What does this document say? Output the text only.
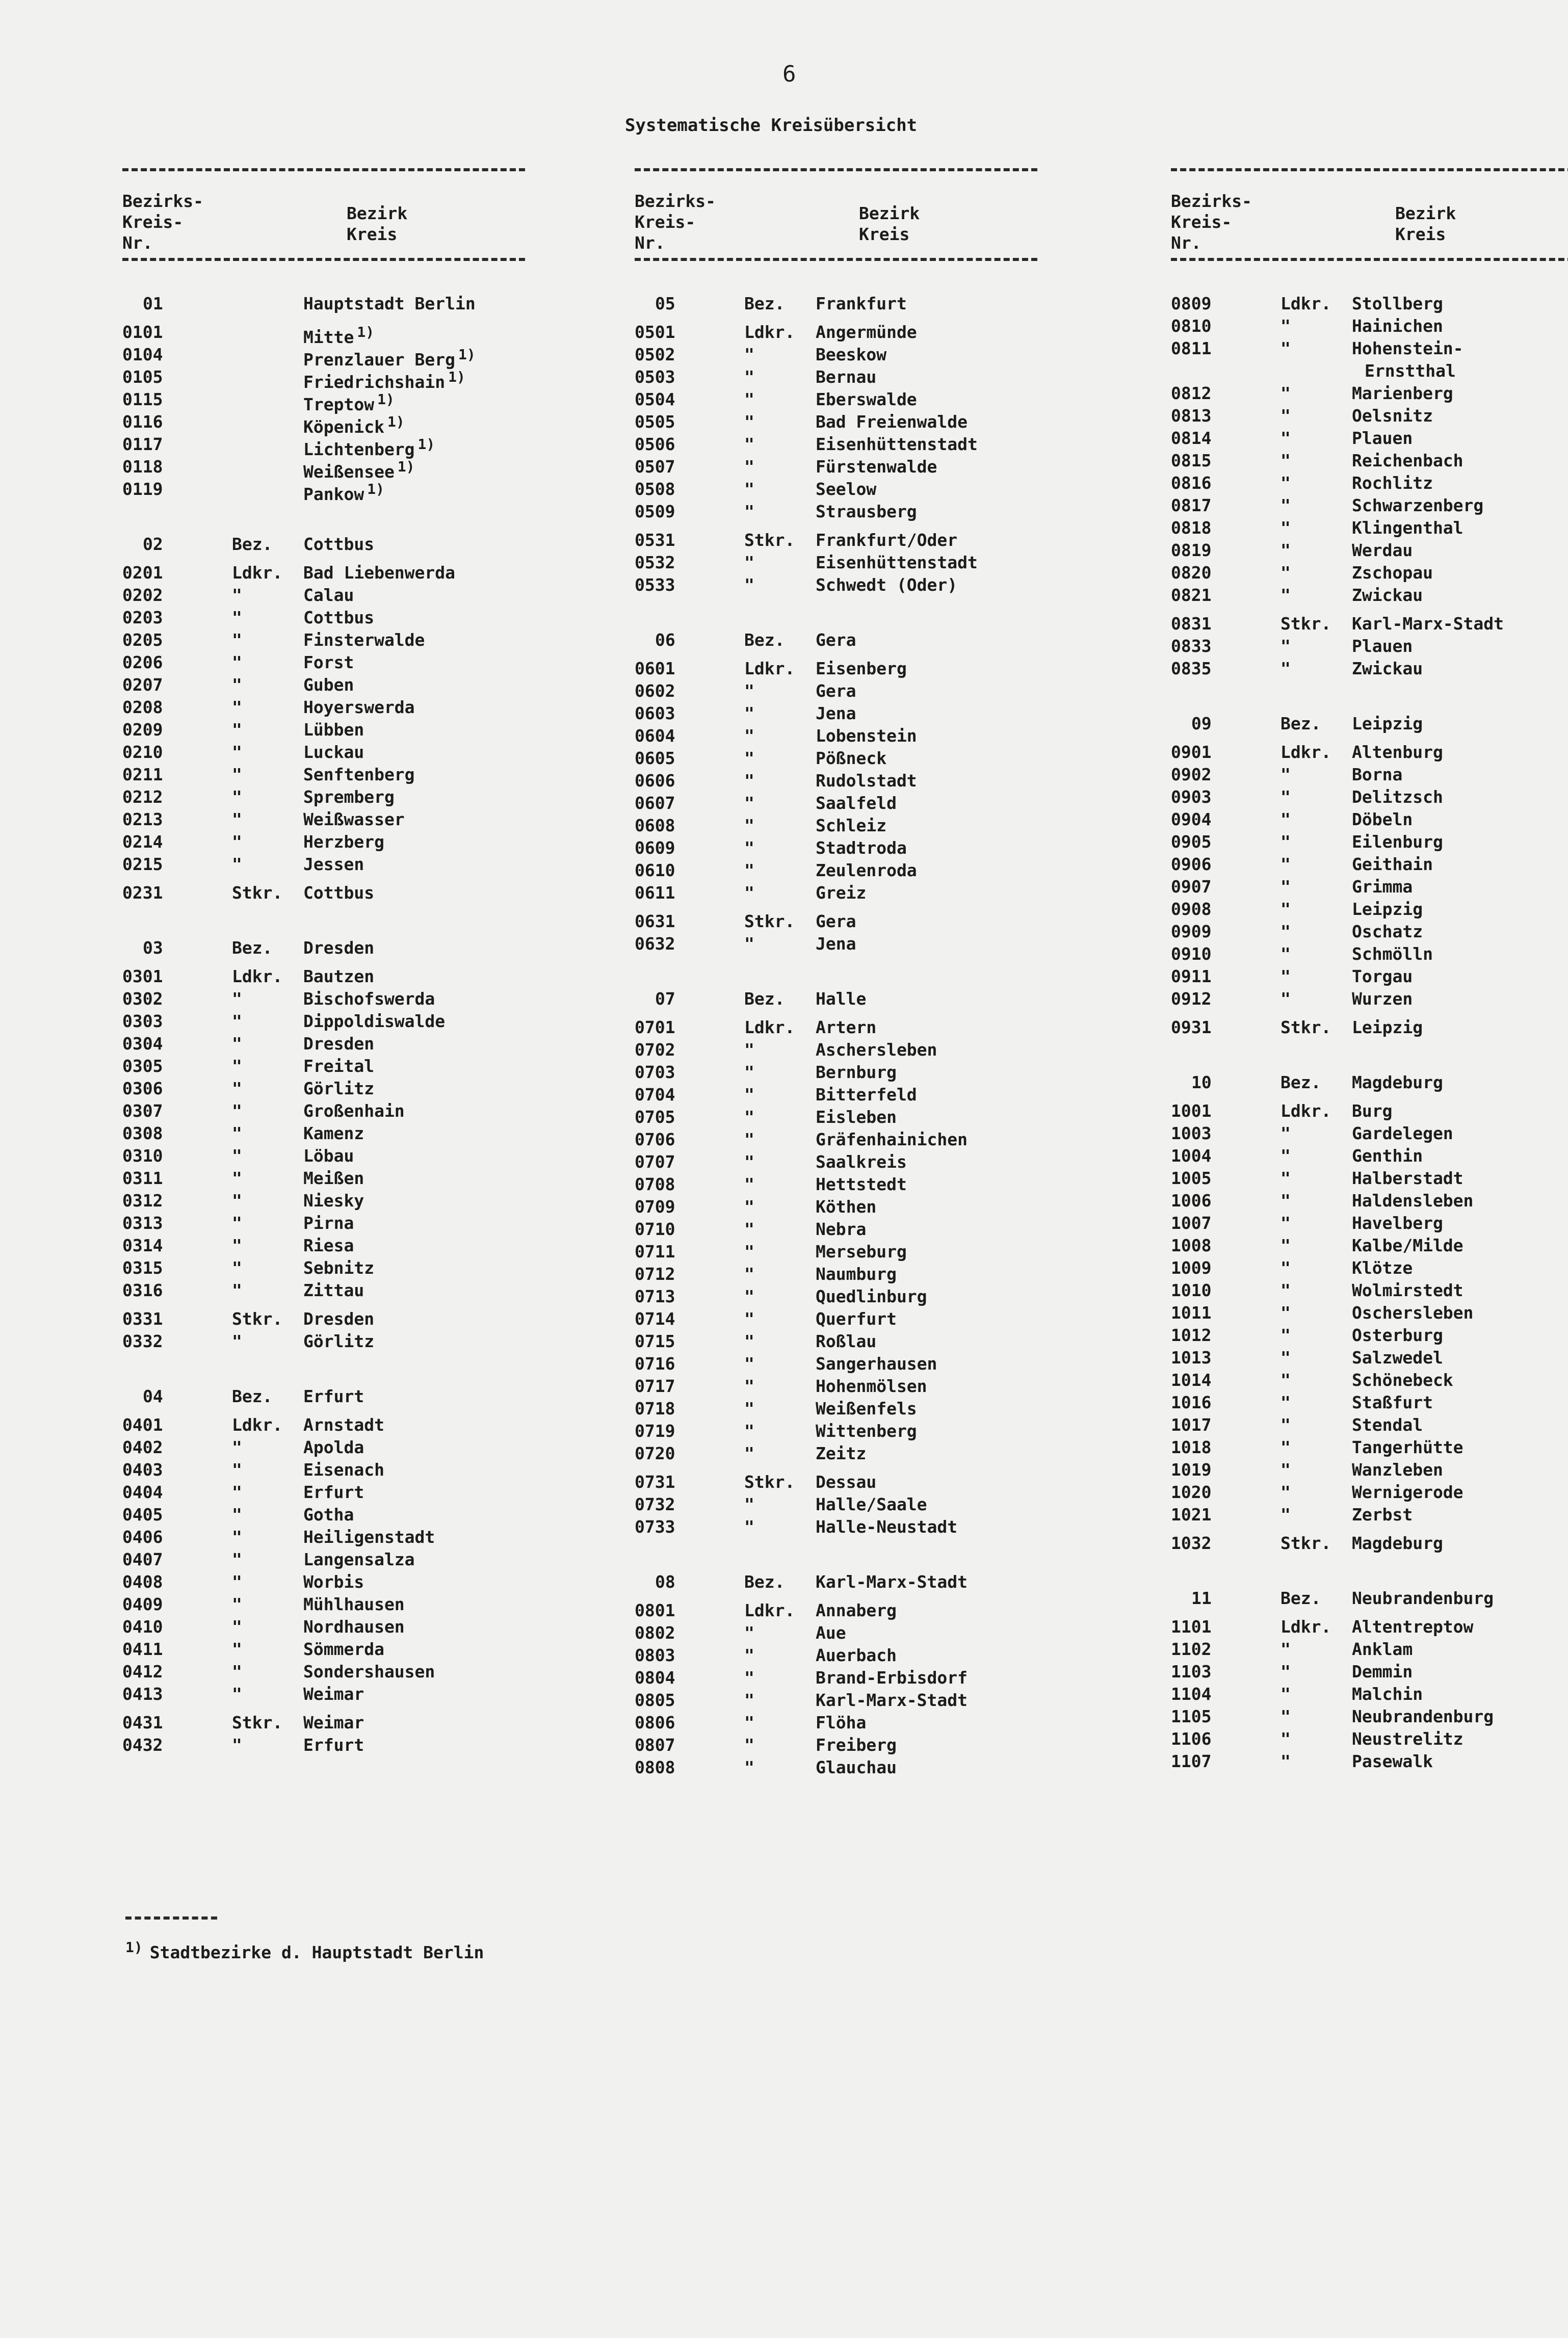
6
Systematische Kreisübersicht
Bezirks-
Kreis-
Nr.
Bezirk
Kreis
01	Hauptstadt Berlin
0101	Mitte $^{1)}$
0104	Prenzlauer Berg $^{1)}$
0105	Friedrichshain $^{1)}$
0115	Treptow $^{1)}$
0116	Köpenick $^{1)}$
0117	Lichtenberg $^{1)}$
0118	Weißensee $^{1)}$
0119	Pankow $^{1)}$
02	Bez. Cottbus
0201	Ldkr. Bad Liebenwerda
0202	"	Calau
0203	"	Cottbus
0205	"	Finsterwalde
0206	"	Forst
0207	"	Guben
0208	"	Hoyerswerda
0209	"	Lübben
0210	"	Luckau
0211	"	Senftenberg
0212	"	Spremberg
0213	"	Weißwasser
0214	"	Herzberg
0215	"	Jessen
0231	Stkr. Cottbus
03	Bez. Dresden
0301	Ldkr. Bautzen
0302	"	Bischofswerda
0303	"	Dippoldiswalde
0304	"	Dresden
0305	"	Freital
0306	"	Görlitz
0307	"	Großenhain
0308	"	Kamenz
0310	"	Löbau
0311	"	Meißen
0312	"	Niesky
0313	"	Pirna
0314	"	Riesa
0315	"	Sebnitz
0316	"	Zittau
0331	Stkr. Dresden
0332	"	Görlitz
04	Bez. Erfurt
0401	Ldkr. Arnstadt
0402	"	Apolda
0403	"	Eisenach
0404	"	Erfurt
0405	"	Gotha
0406	"	Heiligenstadt
0407	"	Langensalza
0408	"	Worbis
0409	"	Mühlhausen
0410	"	Nordhausen
0411	"	Sömmerda
0412	"	Sondershausen
0413	"	Weimar
0431	Stkr. Weimar
0432	"	Erfurt
Bezirks-
Kreis-
Nr.
Bezirk
Kreis
05	Bez. Frankfurt
0501	Ldkr. Angermünde
0502	"	Beeskow
0503	"	Bernau
0504	"	Eberswalde
0505	"	Bad Freienwalde
0506	"	Eisenhüttenstadt
0507	"	Fürstenwalde
0508	"	Seelow
0509	"	Strausberg
0531	Stkr. Frankfurt/Oder
0532	"	Eisenhüttenstadt
0533	"	Schwedt (Oder)
06	Bez. Gera
0601	Ldkr. Eisenberg
0602	"	Gera
0603	"	Jena
0604	"	Lobenstein
0605	"	Pößneck
0606	"	Rudolstadt
0607	"	Saalfeld
0608	"	Schleiz
0609	"	Stadtroda
0610	"	Zeulenroda
0611	"	Greiz
0631	Stkr. Gera
0632	"	Jena
07	Bez. Halle
0701	Ldkr. Artern
0702	"	Aschersleben
0703	"	Bernburg
0704	"	Bitterfeld
0705	"	Eisleben
0706	"	Gräfenhainichen
0707	"	Saalkreis
0708	"	Hettstedt
0709	"	Köthen
0710	"	Nebra
0711	"	Merseburg
0712	"	Naumburg
0713	"	Quedlinburg
0714	"	Querfurt
0715	"	Roßlau
0716	"	Sangerhausen
0717	"	Hohenmölsen
0718	"	Weißenfels
0719	"	Wittenberg
0720	"	Zeitz
0731	Stkr. Dessau
0732	"	Halle/Saale
0733	"	Halle-Neustadt
08	Bez. Karl-Marx-Stadt
0801	Ldkr. Annaberg
0802	"	Aue
0803	"	Auerbach
0804	"	Brand-Erbisdorf
0805	"	Karl-Marx-Stadt
0806	"	Flöha
0807	"	Freiberg
0808	"	Glauchau
Bezirks-
Kreis-
Nr.
Bezirk
Kreis
0809	Ldkr. Stollberg
0810	"	Hainichen
0811	"	Hohenstein-
Ernstthal
0812	"	Marienberg
0813	"	Oelsnitz
0814	"	Plauen
0815	"	Reichenbach
0816	"	Rochlitz
0817	"	Schwarzenberg
0818	"	Klingenthal
0819	"	Werdau
0820	"	Zschopau
0821	"	Zwickau
0831	Stkr. Karl-Marx-Stadt
0833	"	Plauen
0835	"	Zwickau
09	Bez. Leipzig
0901	Ldkr. Altenburg
0902	"	Borna
0903	"	Delitzsch
0904	"	Döbeln
0905	"	Eilenburg
0906	"	Geithain
0907	"	Grimma
0908	"	Leipzig
0909	"	Oschatz
0910	"	Schmölln
0911	"	Torgau
0912	"	Wurzen
0931	Stkr. Leipzig
10	Bez. Magdeburg
1001	Ldkr. Burg
1003	"	Gardelegen
1004	"	Genthin
1005	"	Halberstadt
1006	"	Haldensleben
1007	"	Havelberg
1008	"	Kalbe/Milde
1009	"	Klötze
1010	"	Wolmirstedt
1011	"	Oschersleben
1012	"	Osterburg
1013	"	Salzwedel
1014	"	Schönebeck
1016	"	Staßfurt
1017	"	Stendal
1018	"	Tangerhütte
1019	"	Wanzleben
1020	"	Wernigerode
1021	"	Zerbst
1032	Stkr. Magdeburg
11	Bez. Neubrandenburg
1101	Ldkr. Altentreptow
1102	"	Anklam
1103	"	Demmin
1104	"	Malchin
1105	"	Neubrandenburg
1106	"	Neustrelitz
1107	"	Pasewalk
$^{1)}$ Stadtbezirke d. Hauptstadt Berlin
